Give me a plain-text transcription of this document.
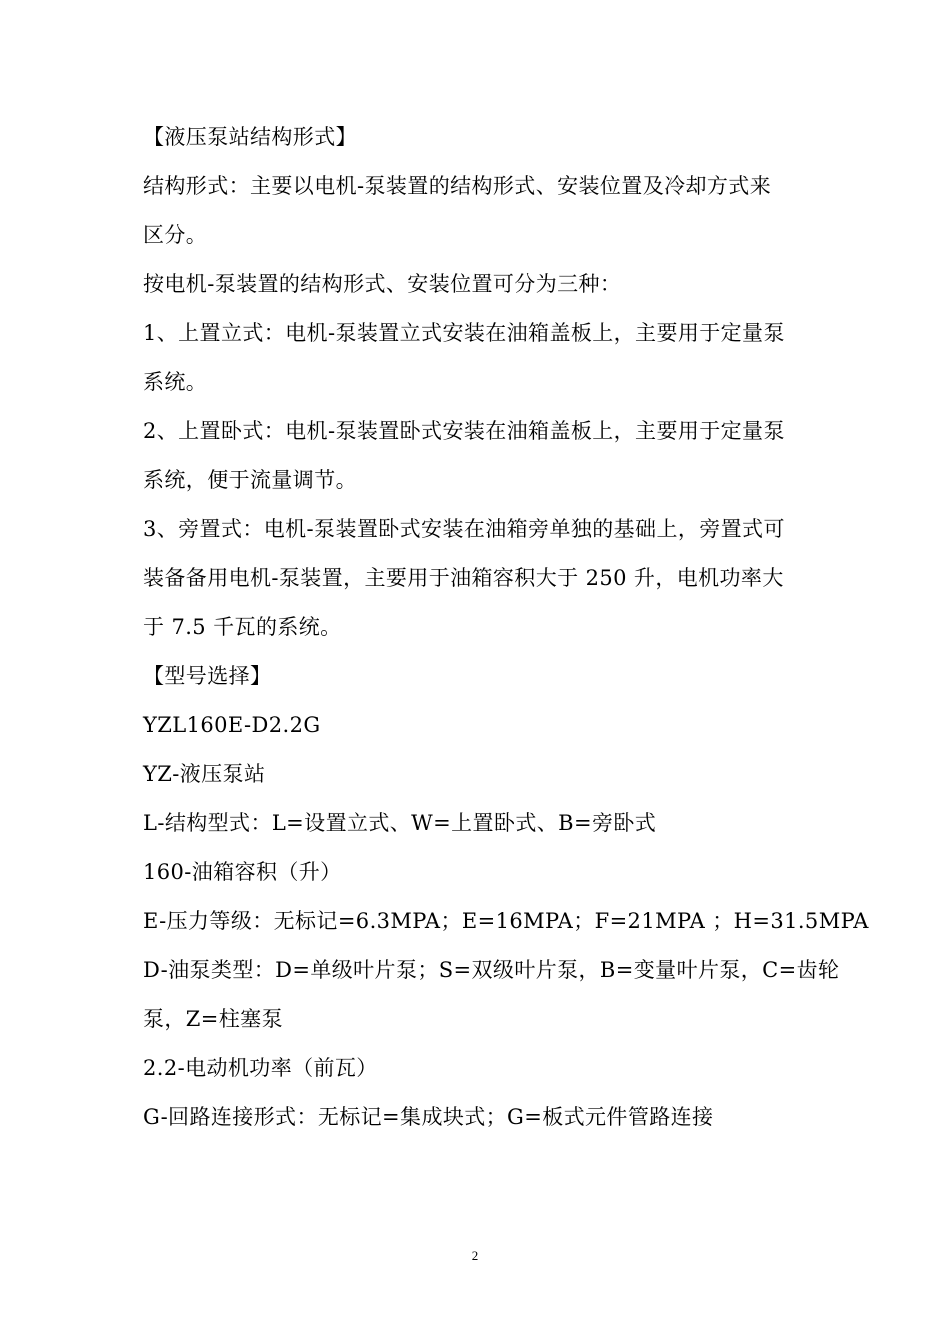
【液压泵站结构形式】
结构形式：主要以电机-泵装置的结构形式、安装位置及冷却方式来
区分。
按电机-泵装置的结构形式、安装位置可分为三种：
1、上置立式：电机-泵装置立式安装在油箱盖板上，主要用于定量泵
系统。
2、上置卧式：电机-泵装置卧式安装在油箱盖板上，主要用于定量泵
系统，便于流量调节。
3、旁置式：电机-泵装置卧式安装在油箱旁单独的基础上，旁置式可
装备备用电机-泵装置，主要用于油箱容积大于 250 升，电机功率大
于 7.5 千瓦的系统。
【型号选择】
YZL160E-D2.2G
YZ-液压泵站
L-结构型式：L=设置立式、W=上置卧式、B=旁卧式
160-油箱容积（升）
E-压力等级：无标记=6.3MPA；E=16MPA；F=21MPA ；H=31.5MPA
D-油泵类型：D=单级叶片泵；S=双级叶片泵，B=变量叶片泵，C=齿轮
泵，Z=柱塞泵
2.2-电动机功率（前瓦）
G-回路连接形式：无标记=集成块式；G=板式元件管路连接
2
